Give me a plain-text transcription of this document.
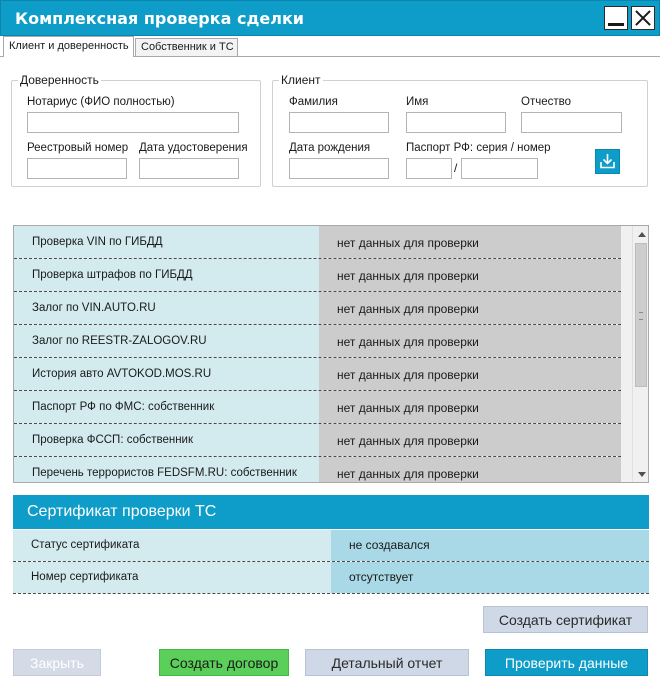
Комплексная проверка сделки
Клиент и доверенность	Собственник и ТС
Доверенность
Нотариус (ФИО полностью)
Реестровый номер Дата удостоверения
Клиент
Фамилия	Имя	Отчество
Дата рождения	Паспорт РФ: серия / номер
/
Проверка VIN по ГИБДД	нет данных для проверки
Проверка штрафов по ГИБДД	нет данных для проверки
Залог по VIN.AUTO.RU	нет данных для проверки
Залог по REESTR-ZALOGOV.RU	нет данных для проверки
История авто AVTOKOD.MOS.RU	нет данных для проверки
Паспорт РФ по ФМС: собственник	нет данных для проверки
Проверка ФССП: собственник	нет данных для проверки
Перечень террористов FEDSFM.RU: собственник	нет данных для проверки
Сертификат проверки ТС
Статус сертификата	не создавался
Номер сертификата	отсутствует
Создать сертификат
Закрыть	Создать договор	Детальный отчет	Проверить данные
